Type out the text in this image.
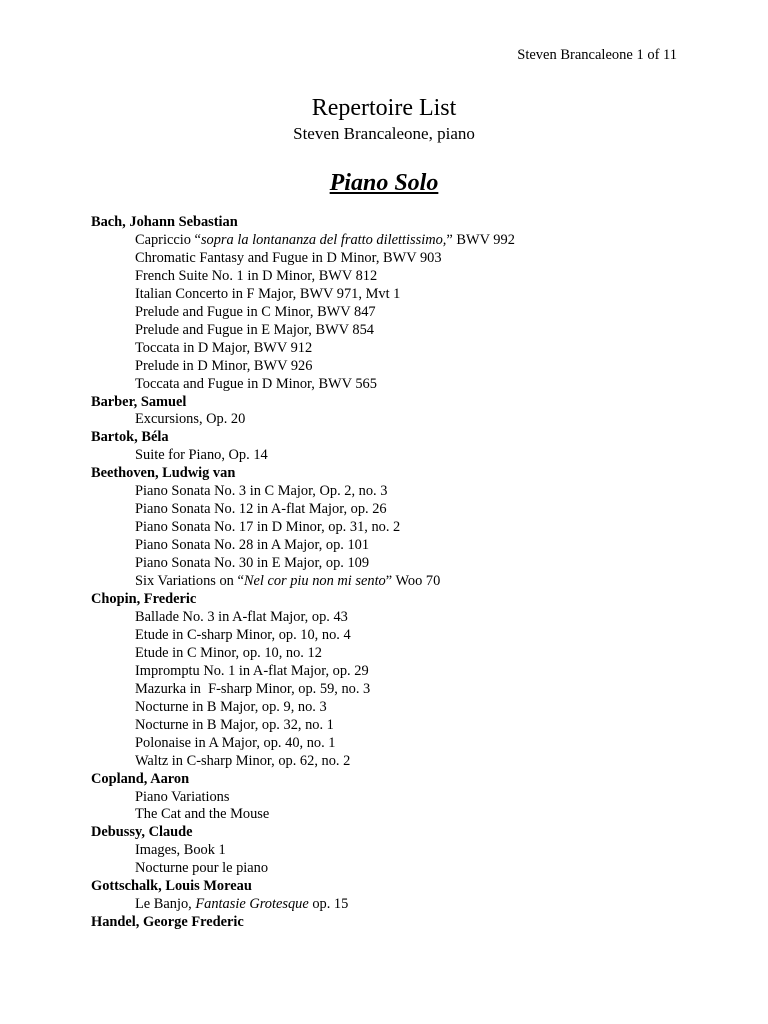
Steven Brancaleone 1 of 11
Repertoire List
Steven Brancaleone, piano
Piano Solo
Bach, Johann Sebastian
Capriccio “sopra la lontananza del fratto dilettissimo,” BWV 992
Chromatic Fantasy and Fugue in D Minor, BWV 903
French Suite No. 1 in D Minor, BWV 812
Italian Concerto in F Major, BWV 971, Mvt 1
Prelude and Fugue in C Minor, BWV 847
Prelude and Fugue in E Major, BWV 854
Toccata in D Major, BWV 912
Prelude in D Minor, BWV 926
Toccata and Fugue in D Minor, BWV 565
Barber, Samuel
Excursions, Op. 20
Bartok, Béla
Suite for Piano, Op. 14
Beethoven, Ludwig van
Piano Sonata No. 3 in C Major, Op. 2, no. 3
Piano Sonata No. 12 in A-flat Major, op. 26
Piano Sonata No. 17 in D Minor, op. 31, no. 2
Piano Sonata No. 28 in A Major, op. 101
Piano Sonata No. 30 in E Major, op. 109
Six Variations on “Nel cor piu non mi sento” Woo 70
Chopin, Frederic
Ballade No. 3 in A-flat Major, op. 43
Etude in C-sharp Minor, op. 10, no. 4
Etude in C Minor, op. 10, no. 12
Impromptu No. 1 in A-flat Major, op. 29
Mazurka in  F-sharp Minor, op. 59, no. 3
Nocturne in B Major, op. 9, no. 3
Nocturne in B Major, op. 32, no. 1
Polonaise in A Major, op. 40, no. 1
Waltz in C-sharp Minor, op. 62, no. 2
Copland, Aaron
Piano Variations
The Cat and the Mouse
Debussy, Claude
Images, Book 1
Nocturne pour le piano
Gottschalk, Louis Moreau
Le Banjo, Fantasie Grotesque op. 15
Handel, George Frederic
